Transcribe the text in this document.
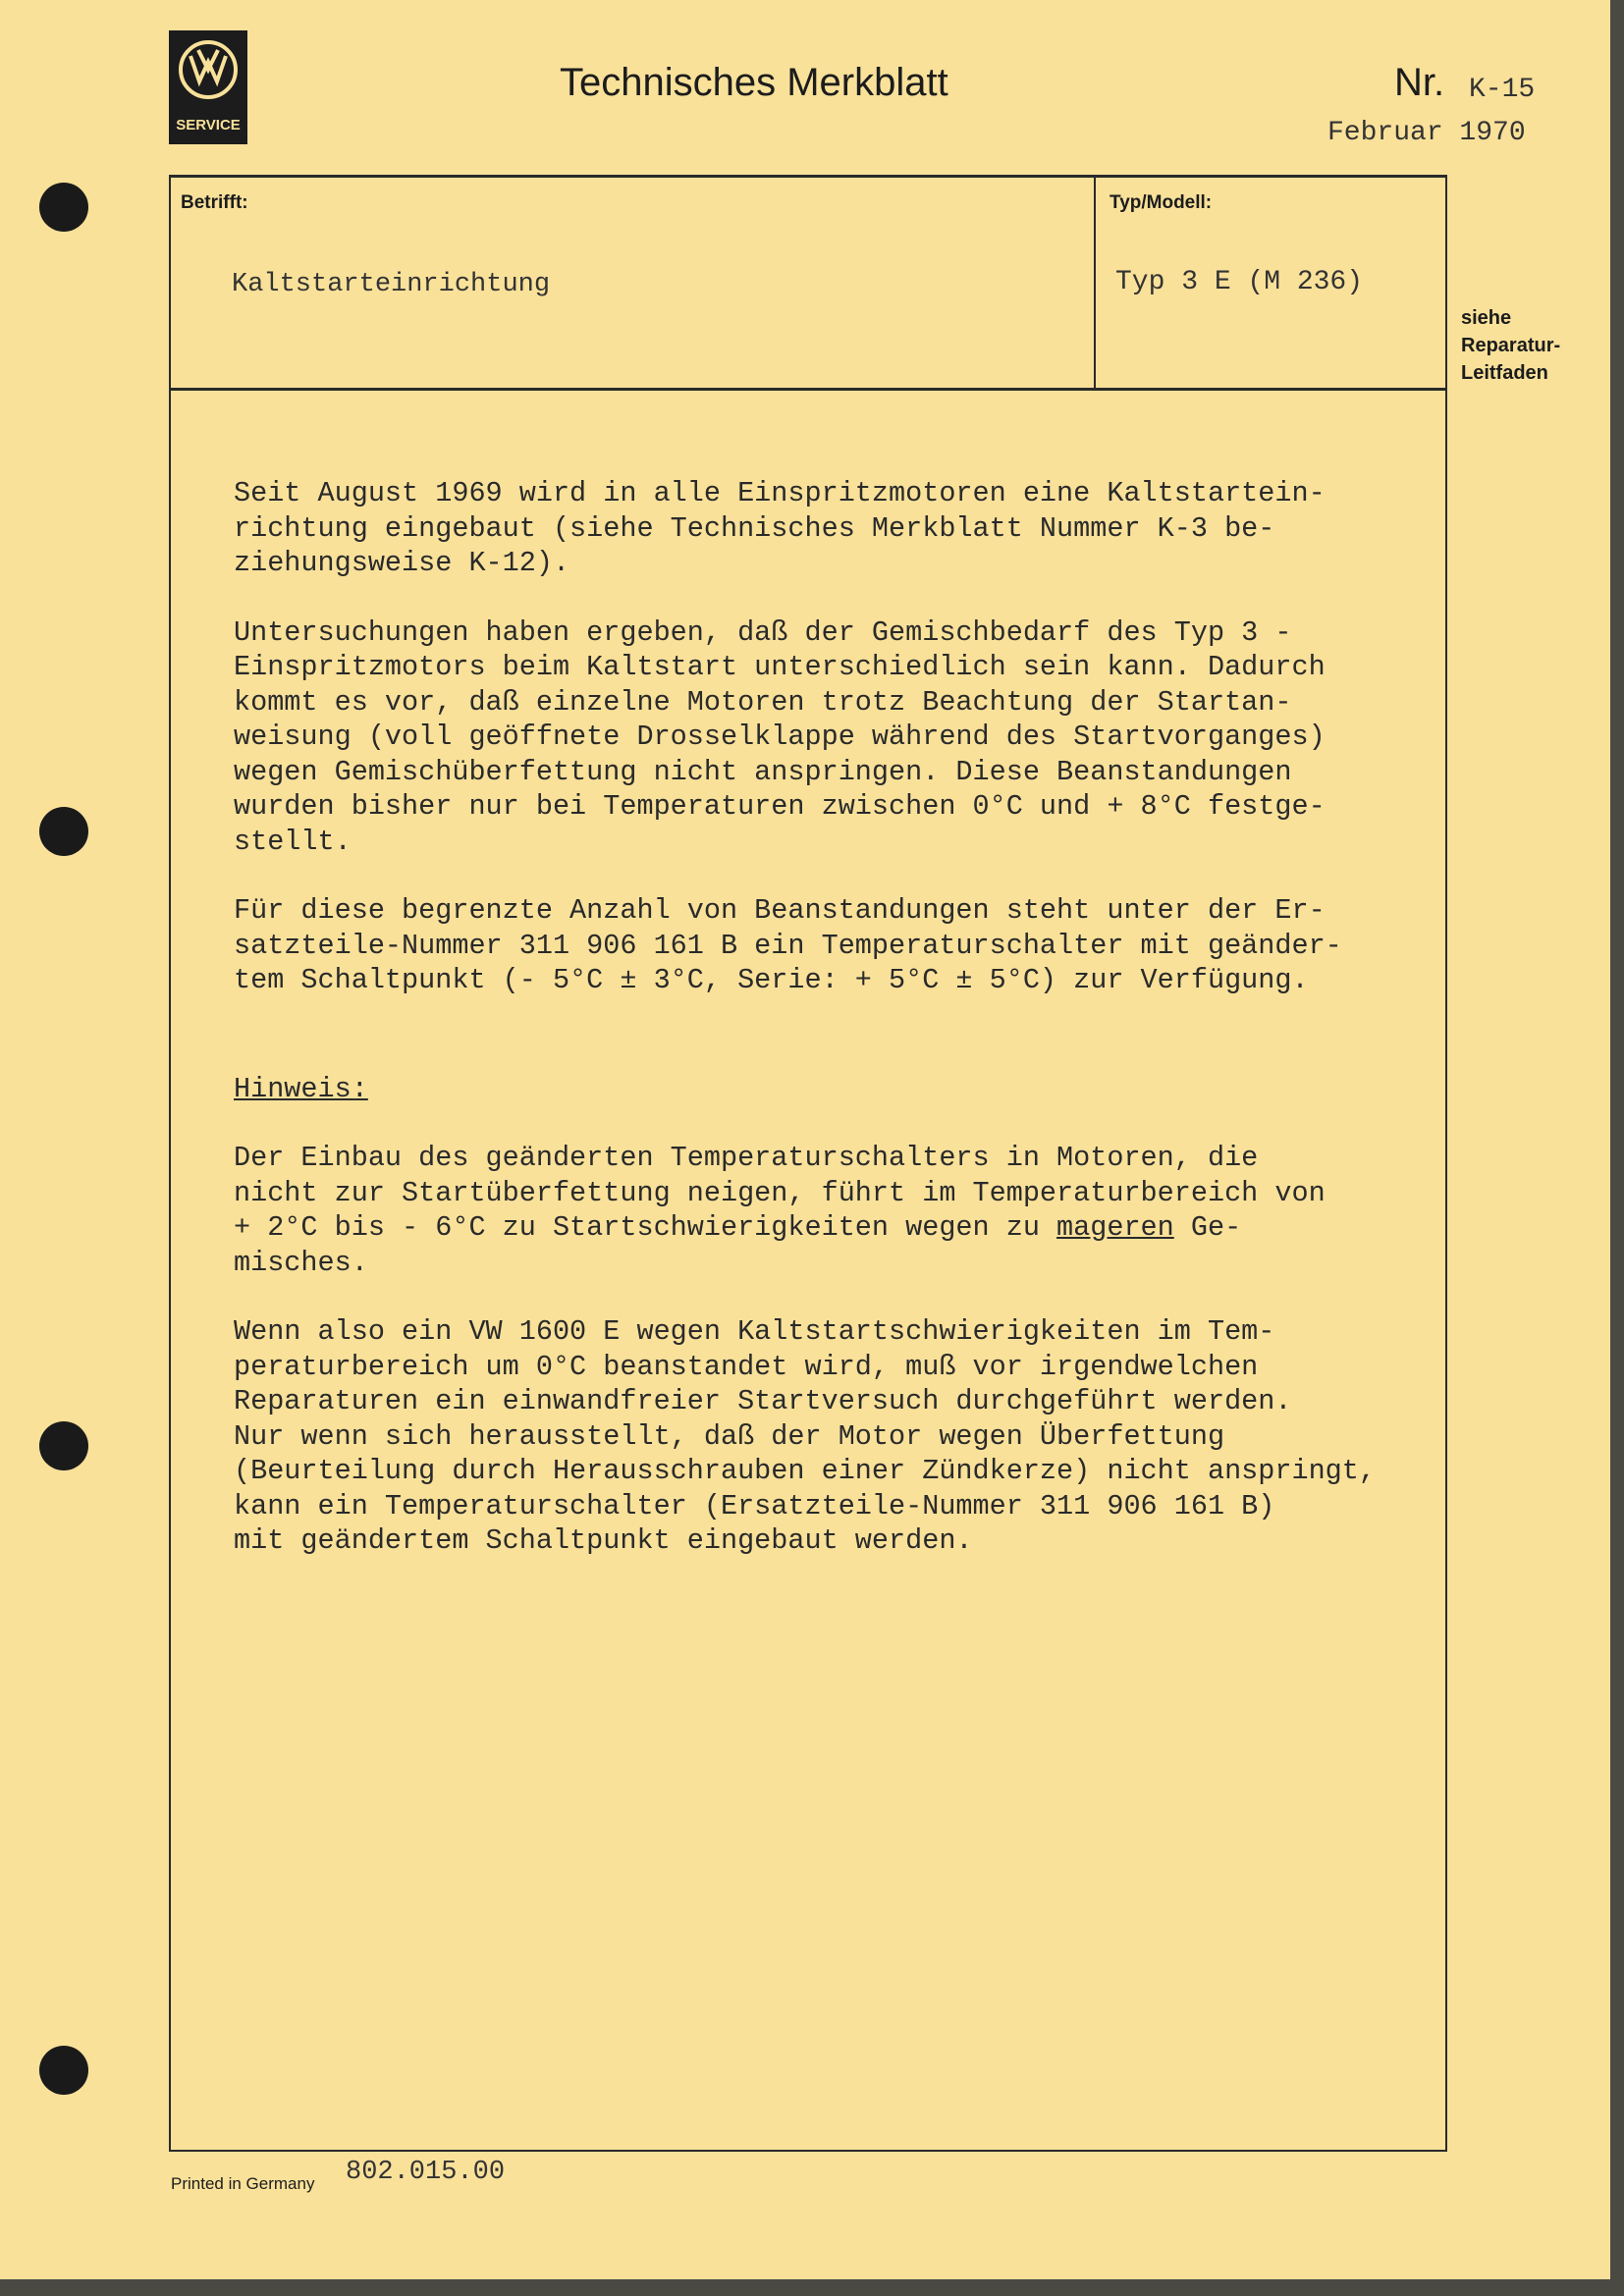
SERVICE
Technisches Merkblatt	Nr. K-15
Februar 1970
Betrifft:	Typ/Modell:
Kaltstarteinrichtung	Typ 3 E (M 236)
siehe
Reparatur-
Leitfaden
Seit August 1969 wird in alle Einspritzmotoren eine Kaltstartein-
richtung eingebaut (siehe Technisches Merkblatt Nummer K-3 be-
ziehungsweise K-12).
Untersuchungen haben ergeben, daß der Gemischbedarf des Typ 3 -
Einspritzmotors beim Kaltstart unterschiedlich sein kann. Dadurch
kommt es vor, daß einzelne Motoren trotz Beachtung der Startan-
weisung (voll geöffnete Drosselklappe während des Startvorganges)
wegen Gemischüberfettung nicht anspringen. Diese Beanstandungen
wurden bisher nur bei Temperaturen zwischen 0°C und + 8°C festge-
stellt.
Für diese begrenzte Anzahl von Beanstandungen steht unter der Er-
satzteile-Nummer 311 906 161 B ein Temperaturschalter mit geänder-
tem Schaltpunkt (- 5°C ± 3°C, Serie: + 5°C ± 5°C) zur Verfügung.
Hinweis:
Der Einbau des geänderten Temperaturschalters in Motoren, die
nicht zur Startüberfettung neigen, führt im Temperaturbereich von
+ 2°C bis - 6°C zu Startschwierigkeiten wegen zu mageren Ge-
misches.
Wenn also ein VW 1600 E wegen Kaltstartschwierigkeiten im Tem-
peraturbereich um 0°C beanstandet wird, muß vor irgendwelchen
Reparaturen ein einwandfreier Startversuch durchgeführt werden.
Nur wenn sich herausstellt, daß der Motor wegen Überfettung
(Beurteilung durch Herausschrauben einer Zündkerze) nicht anspringt,
kann ein Temperaturschalter (Ersatzteile-Nummer 311 906 161 B)
mit geändertem Schaltpunkt eingebaut werden.
Printed in Germany 802.015.00
